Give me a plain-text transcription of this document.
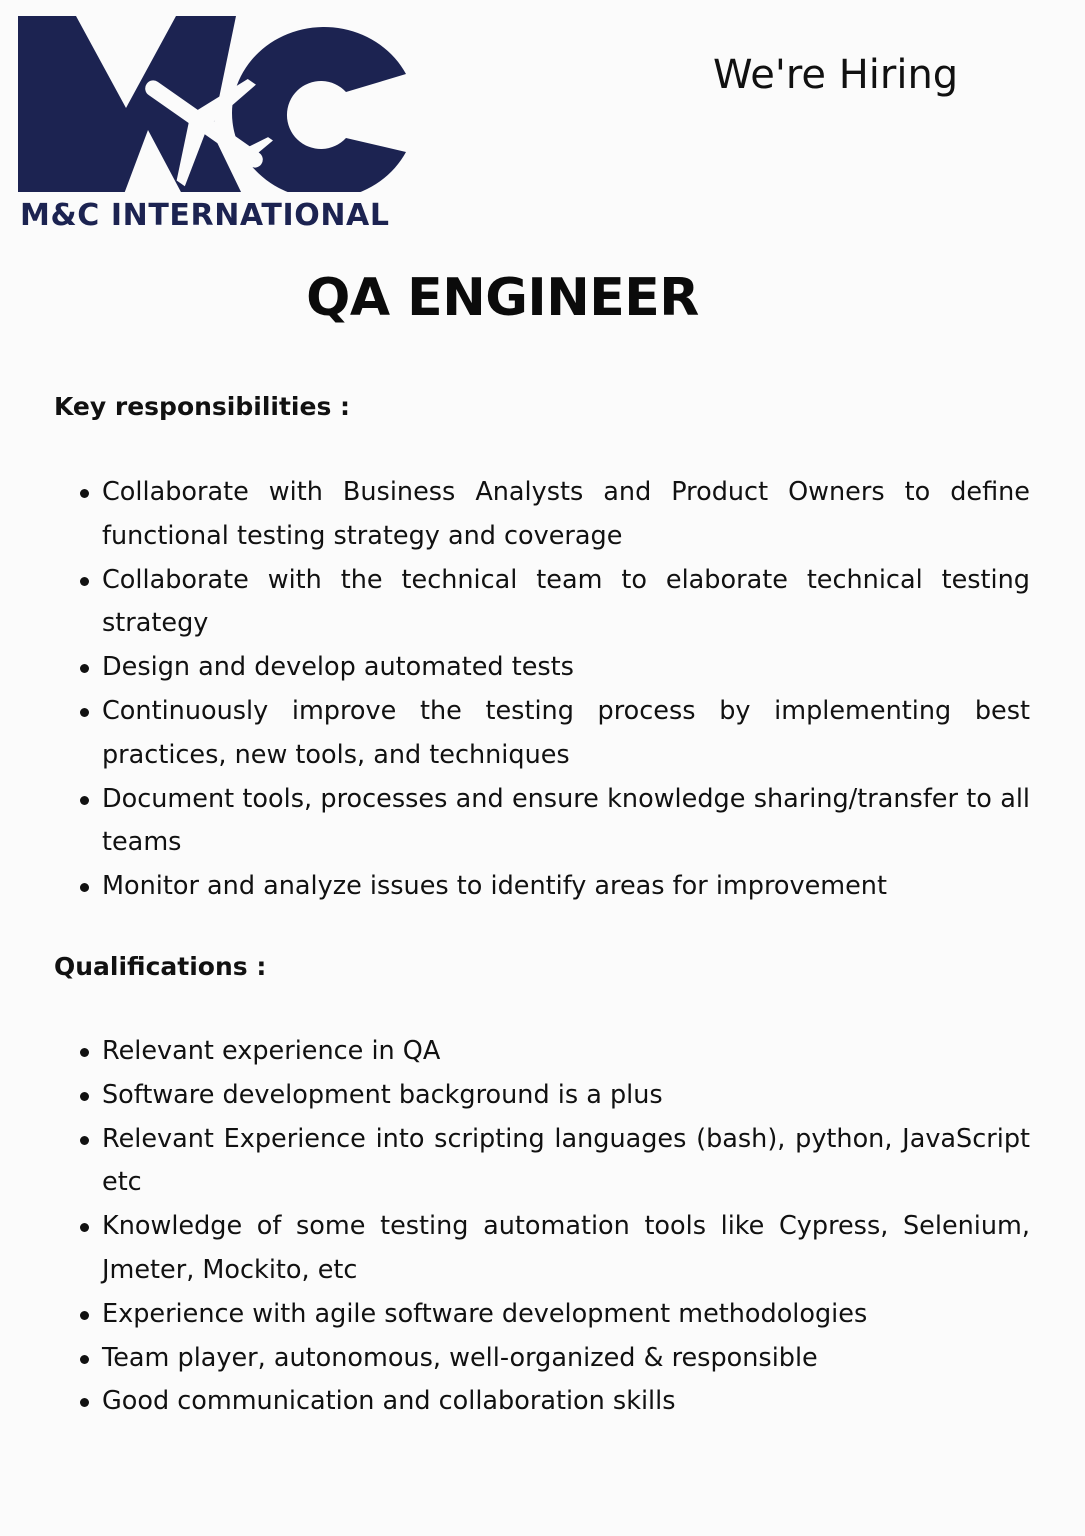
M&C INTERNATIONAL
We're Hiring
QA ENGINEER
Key responsibilities :
Collaborate with Business Analysts and Product Owners to define functional testing strategy and coverage
Collaborate with the technical team to elaborate technical testing strategy
Design and develop automated tests
Continuously improve the testing process by implementing best practices, new tools, and techniques
Document tools, processes and ensure knowledge sharing/transfer to all teams
Monitor and analyze issues to identify areas for improvement
Qualifications :
Relevant experience in QA
Software development background is a plus
Relevant Experience into scripting languages (bash), python, JavaScript etc
Knowledge of some testing automation tools like Cypress, Selenium, Jmeter, Mockito, etc
Experience with agile software development methodologies
Team player, autonomous, well-organized & responsible
Good communication and collaboration skills
